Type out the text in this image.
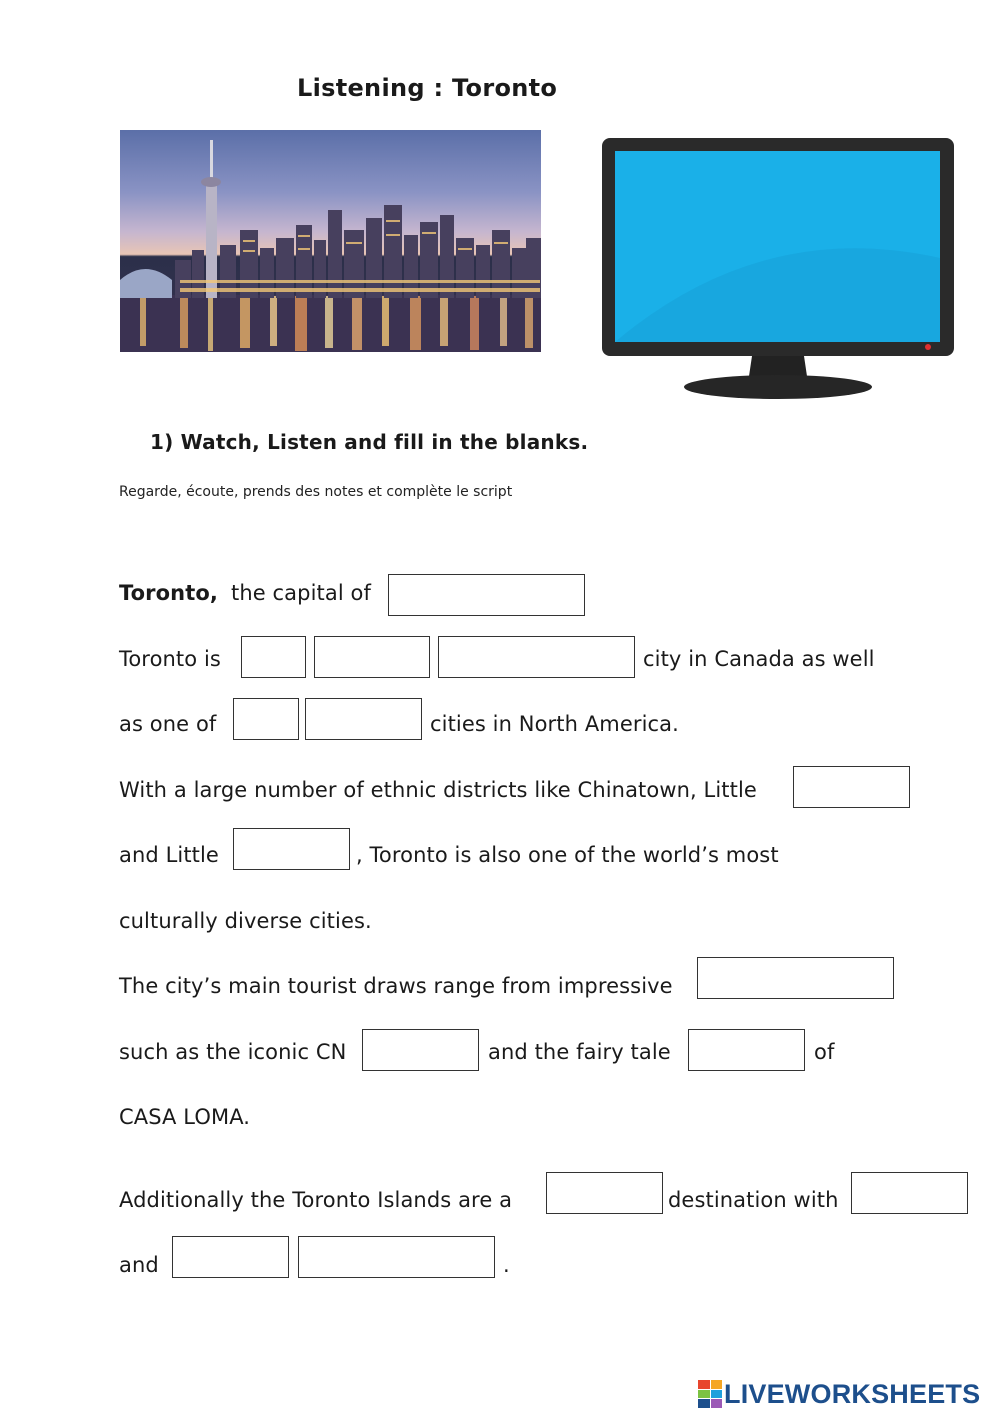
Listening : Toronto
1) Watch, Listen and fill in the blanks.
Regarde, écoute, prends des notes et complète le script
Toronto, the capital of
Toronto is	city in Canada as well
as one of	cities in North America.
With a large number of ethnic districts like Chinatown, Little
and Little	, Toronto is also one of the world’s most
culturally diverse cities.
The city’s main tourist draws range from impressive
such as the iconic CN	and the fairy tale	of
CASA LOMA.
Additionally the Toronto Islands are a	destination with
and	.
LIVEWORKSHEETS
